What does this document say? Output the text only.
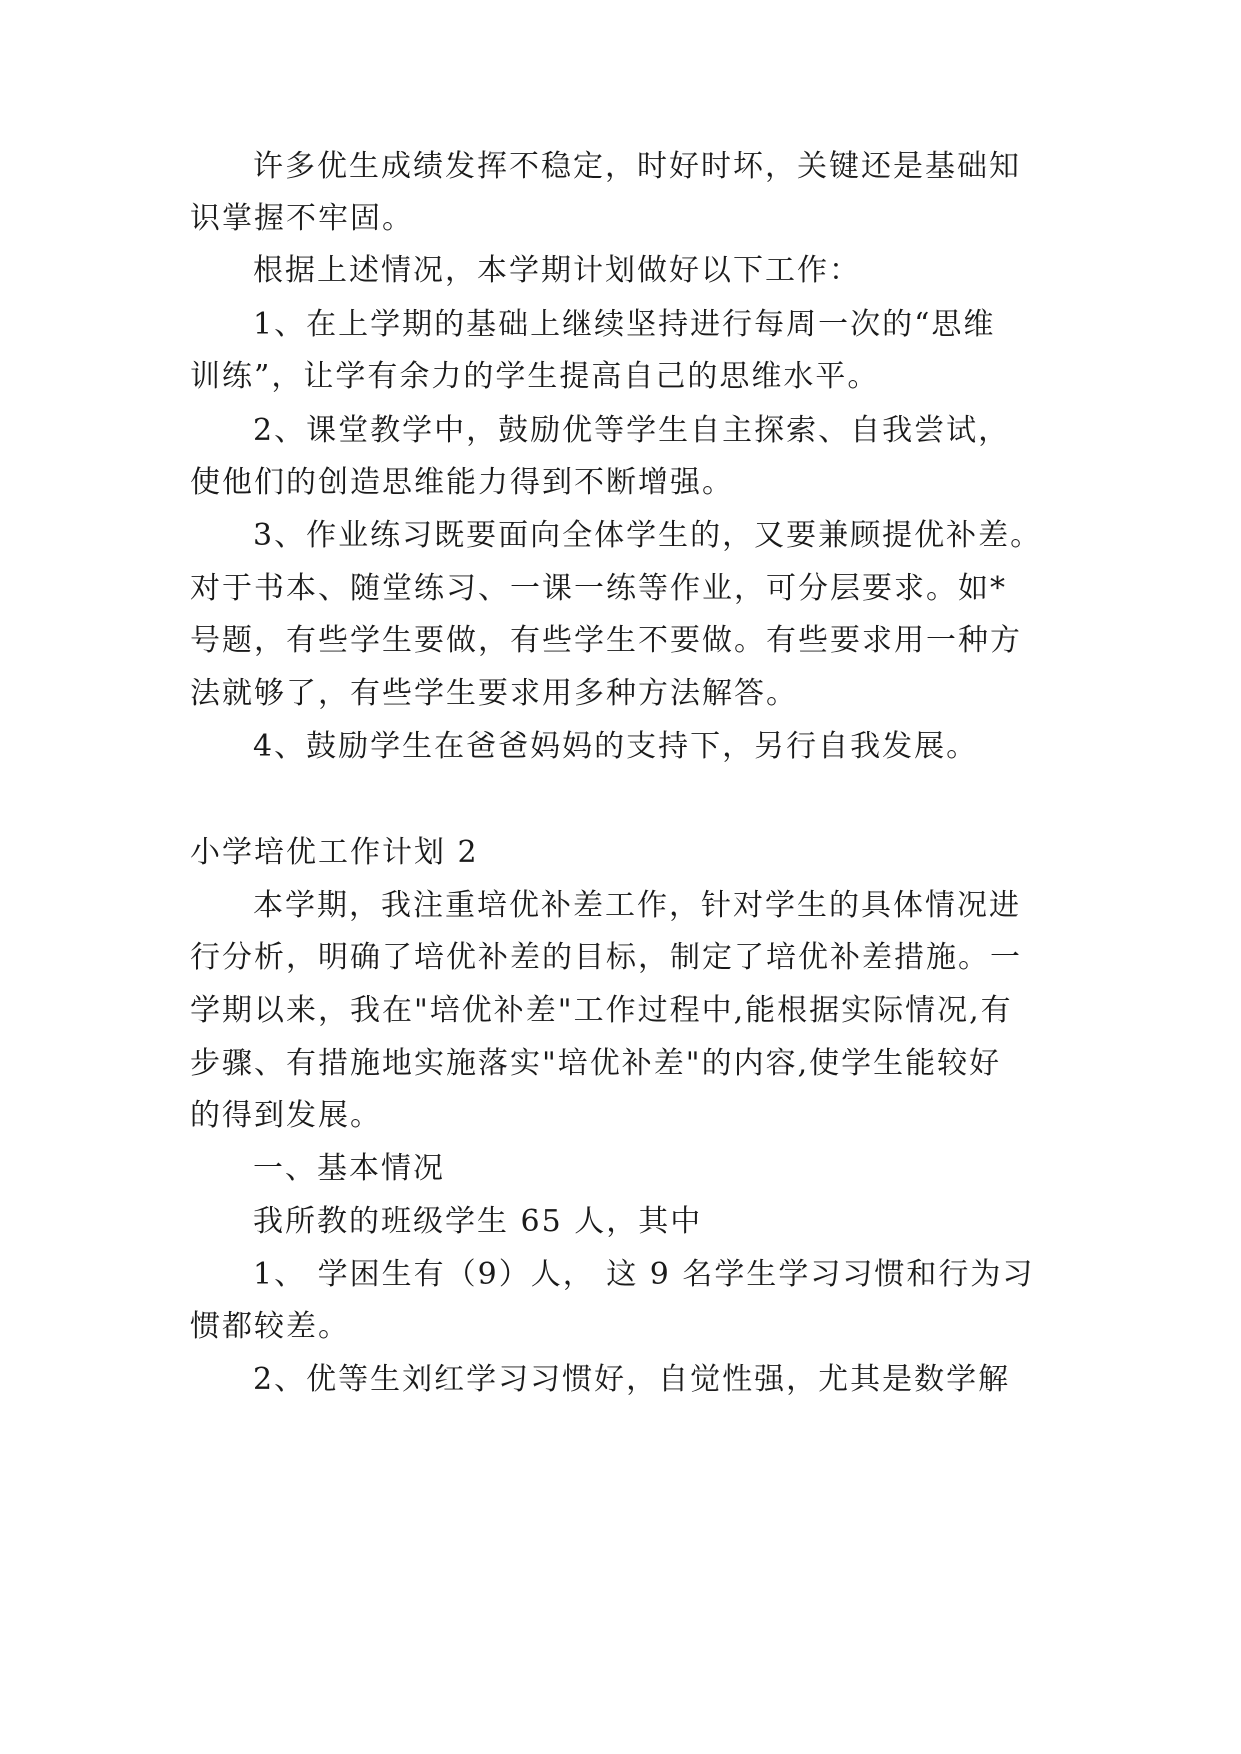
许多优生成绩发挥不稳定，时好时坏，关键还是基础知
识掌握不牢固。
根据上述情况，本学期计划做好以下工作：
1、在上学期的基础上继续坚持进行每周一次的“思维
训练”，让学有余力的学生提高自己的思维水平。
2、课堂教学中，鼓励优等学生自主探索、自我尝试，
使他们的创造思维能力得到不断增强。
3、作业练习既要面向全体学生的，又要兼顾提优补差。
对于书本、随堂练习、一课一练等作业，可分层要求。如*
号题，有些学生要做，有些学生不要做。有些要求用一种方
法就够了，有些学生要求用多种方法解答。
4、鼓励学生在爸爸妈妈的支持下，另行自我发展。
小学培优工作计划 2
本学期，我注重培优补差工作，针对学生的具体情况进
行分析，明确了培优补差的目标，制定了培优补差措施。一
学期以来，我在"培优补差"工作过程中,能根据实际情况,有
步骤、有措施地实施落实"培优补差"的内容,使学生能较好
的得到发展。
一、基本情况
我所教的班级学生 65 人，其中
1、 学困生有（9）人， 这 9 名学生学习习惯和行为习
惯都较差。
2、优等生刘红学习习惯好，自觉性强，尤其是数学解
